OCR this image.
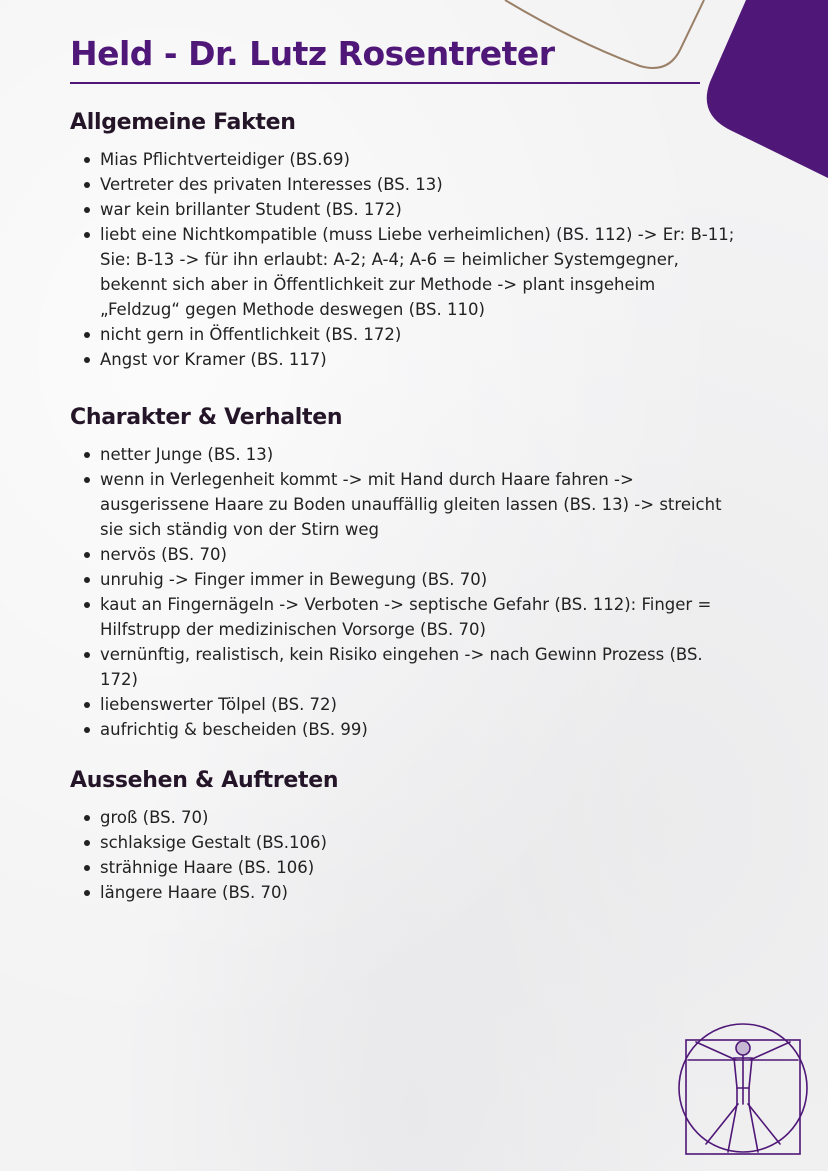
Held - Dr. Lutz Rosentreter
Allgemeine Fakten
Mias Pflichtverteidiger (BS.69)
Vertreter des privaten Interesses (BS. 13)
war kein brillanter Student (BS. 172)
liebt eine Nichtkompatible (muss Liebe verheimlichen) (BS. 112) -> Er: B-11;
Sie: B-13 -> für ihn erlaubt: A-2; A-4; A-6 = heimlicher Systemgegner,
bekennt sich aber in Öffentlichkeit zur Methode -> plant insgeheim
„Feldzug“ gegen Methode deswegen (BS. 110)
nicht gern in Öffentlichkeit (BS. 172)
Angst vor Kramer (BS. 117)
Charakter & Verhalten
netter Junge (BS. 13)
wenn in Verlegenheit kommt -> mit Hand durch Haare fahren ->
ausgerissene Haare zu Boden unauffällig gleiten lassen (BS. 13) -> streicht
sie sich ständig von der Stirn weg
nervös (BS. 70)
unruhig -> Finger immer in Bewegung (BS. 70)
kaut an Fingernägeln -> Verboten -> septische Gefahr (BS. 112): Finger =
Hilfstrupp der medizinischen Vorsorge (BS. 70)
vernünftig, realistisch, kein Risiko eingehen -> nach Gewinn Prozess (BS.
172)
liebenswerter Tölpel (BS. 72)
aufrichtig & bescheiden (BS. 99)
Aussehen & Auftreten
groß (BS. 70)
schlaksige Gestalt (BS.106)
strähnige Haare (BS. 106)
längere Haare (BS. 70)
